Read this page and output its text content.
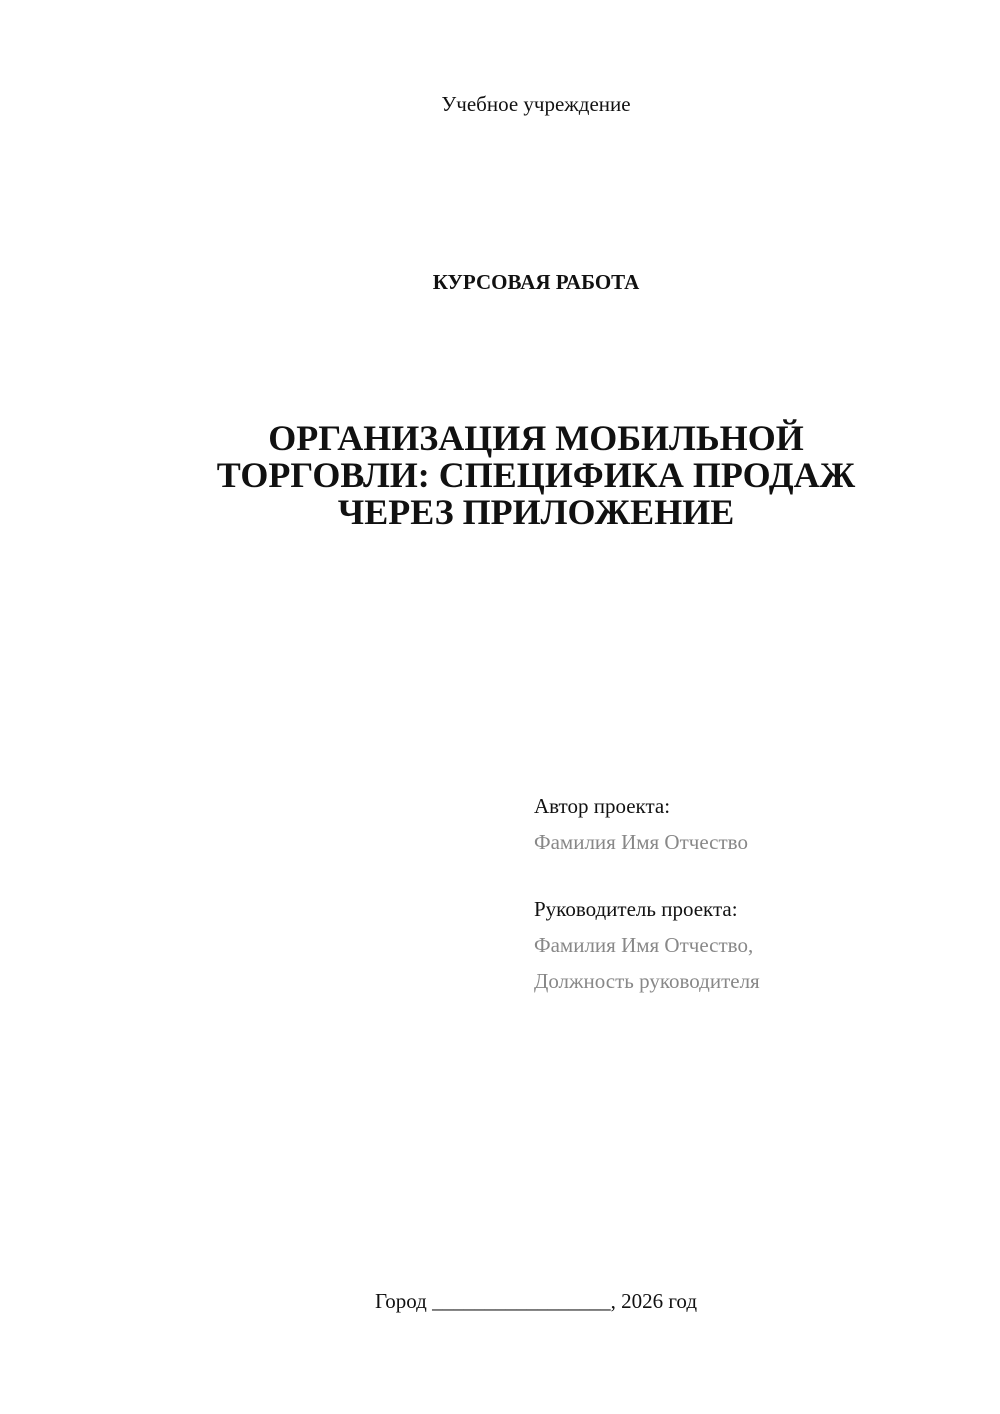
Учебное учреждение
КУРСОВАЯ РАБОТА
ОРГАНИЗАЦИЯ МОБИЛЬНОЙ
ТОРГОВЛИ: СПЕЦИФИКА ПРОДАЖ
ЧЕРЕЗ ПРИЛОЖЕНИЕ
Автор проекта:
Фамилия Имя Отчество
Руководитель проекта:
Фамилия Имя Отчество,
Должность руководителя
Город _________________, 2026 год
